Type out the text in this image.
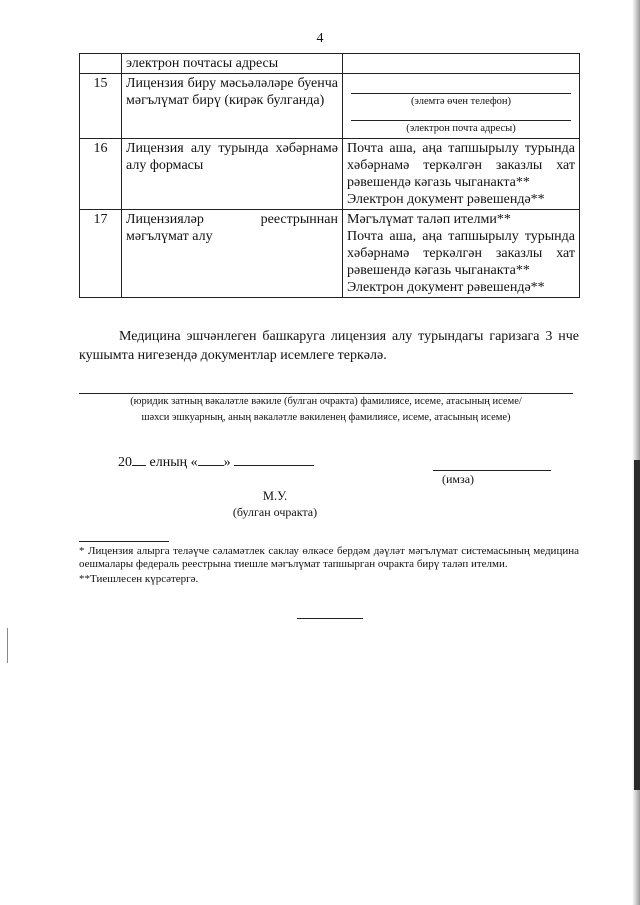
4
	электрон почтасы адресы	
15	Лицензия биру мәсьәләләре буенча мәгълүмат бирү (кирәк булганда)	(элемтә өчен телефон)
(электрон почта адресы)

16	Лицензия алу турында хәбәрнамә алу формасы	Почта аша, аңа тапшырылу турында хәбәрнамә теркәлгән заказлы хат рәвешендә кәгазь чыганакта**
Электрон документ рәвешендә**

17	Лицензияләр реестрыннан мәгълүмат алу	Мәгълүмат таләп ителми**
Почта аша, аңа тапшырылу турында хәбәрнамә теркәлгән заказлы хат рәвешендә кәгазь чыганакта**
Электрон документ рәвешендә**
Медицина эшчәнлеген башкаруга лицензия алу турындагы гаризага 3 нче кушымта нигезендә документлар исемлеге теркәлә.
(юридик затның вәкаләтле вәкиле (булган очракта) фамилиясе, исеме, атасының исеме/
шәхси эшкуарның, аның вәкаләтле вәкиленең фамилиясе, исеме, атасының исеме)
20 елның « »
(имза)
М.У.
(булган очракта)
* Лицензия алырга теләүче сәламәтлек саклау өлкәсе бердәм дәүләт мәгълүмат системасының медицина оешмалары федераль реестрына тиешле мәгълүмат тапшырган очракта бирү таләп ителми.
**Тиешлесен күрсәтергә.
